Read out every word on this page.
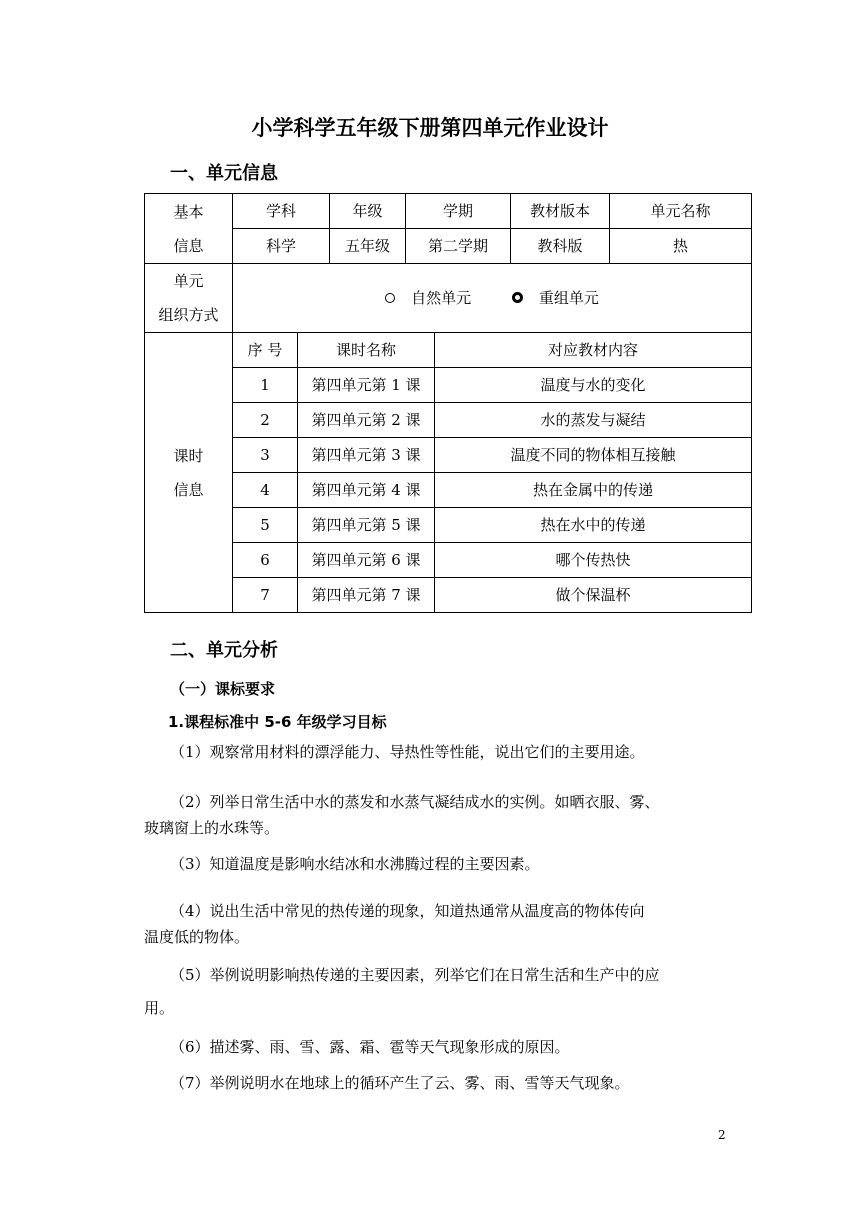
小学科学五年级下册第四单元作业设计
一、单元信息
基本
信息	学科		年级	学期		教材版本	单元名称
	科学		五年级	第二学期		教科版	热
单元
组织方式	自然单元
重组单元						

课时
信息	序 号	课时名称			对应教材内容		
	1	第四单元第 1 课			温度与水的变化		
	2	第四单元第 2 课			水的蒸发与凝结		
	3	第四单元第 3 课			温度不同的物体相互接触		
	4	第四单元第 4 课			热在金属中的传递		
	5	第四单元第 5 课			热在水中的传递		
	6	第四单元第 6 课			哪个传热快		
	7	第四单元第 7 课			做个保温杯		
二、单元分析
（一）课标要求
1.课程标准中 5-6 年级学习目标
（1）观察常用材料的漂浮能力、导热性等性能，说出它们的主要用途。
（2）列举日常生活中水的蒸发和水蒸气凝结成水的实例。如晒衣服、雾、
玻璃窗上的水珠等。
（3）知道温度是影响水结冰和水沸腾过程的主要因素。
（4）说出生活中常见的热传递的现象，知道热通常从温度高的物体传向
温度低的物体。
（5）举例说明影响热传递的主要因素，列举它们在日常生活和生产中的应
用。
（6）描述雾、雨、雪、露、霜、雹等天气现象形成的原因。
（7）举例说明水在地球上的循环产生了云、雾、雨、雪等天气现象。
2
